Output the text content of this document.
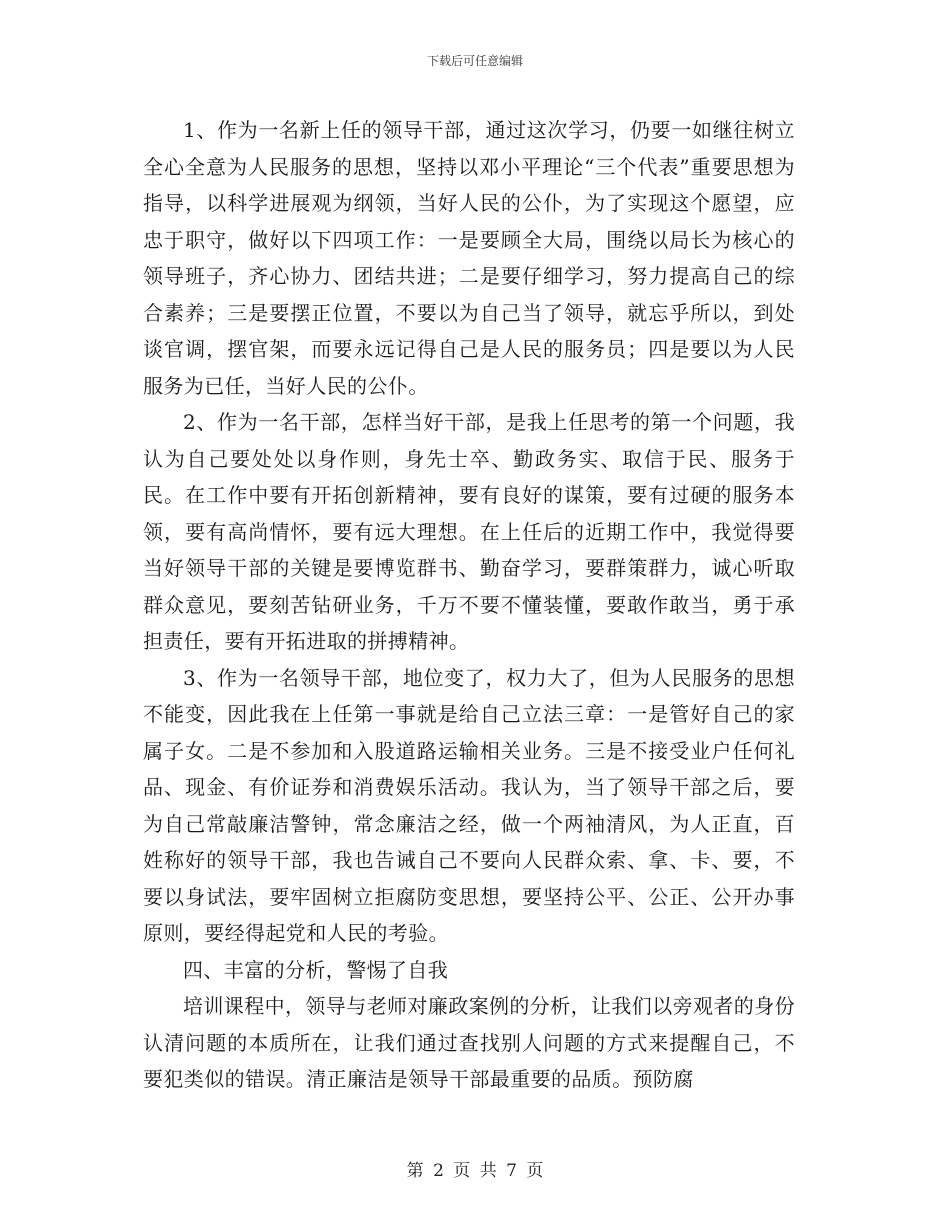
下载后可任意编辑

1、作为一名新上任的领导干部，通过这次学习，仍要一如继往树立全心全意为人民服务的思想，坚持以邓小平理论“三个代表”重要思想为指导，以科学进展观为纲领，当好人民的公仆，为了实现这个愿望，应忠于职守，做好以下四项工作：一是要顾全大局，围绕以局长为核心的领导班子，齐心协力、团结共进；二是要仔细学习，努力提高自己的综合素养；三是要摆正位置，不要以为自己当了领导，就忘乎所以，到处谈官调，摆官架，而要永远记得自己是人民的服务员；四是要以为人民服务为已任，当好人民的公仆。

2、作为一名干部，怎样当好干部，是我上任思考的第一个问题，我认为自己要处处以身作则，身先士卒、勤政务实、取信于民、服务于民。在工作中要有开拓创新精神，要有良好的谋策，要有过硬的服务本领，要有高尚情怀，要有远大理想。在上任后的近期工作中，我觉得要当好领导干部的关键是要博览群书、勤奋学习，要群策群力，诚心听取群众意见，要刻苦钻研业务，千万不要不懂装懂，要敢作敢当，勇于承担责任，要有开拓进取的拼搏精神。

3、作为一名领导干部，地位变了，权力大了，但为人民服务的思想不能变，因此我在上任第一事就是给自己立法三章：一是管好自己的家属子女。二是不参加和入股道路运输相关业务。三是不接受业户任何礼品、现金、有价证券和消费娱乐活动。我认为，当了领导干部之后，要为自己常敲廉洁警钟，常念廉洁之经，做一个两袖清风，为人正直，百姓称好的领导干部，我也告诫自己不要向人民群众索、拿、卡、要，不要以身试法，要牢固树立拒腐防变思想，要坚持公平、公正、公开办事原则，要经得起党和人民的考验。

四、丰富的分析，警惕了自我

培训课程中，领导与老师对廉政案例的分析，让我们以旁观者的身份认清问题的本质所在，让我们通过查找别人问题的方式来提醒自己，不要犯类似的错误。清正廉洁是领导干部最重要的品质。预防腐

第 2 页 共 7 页
